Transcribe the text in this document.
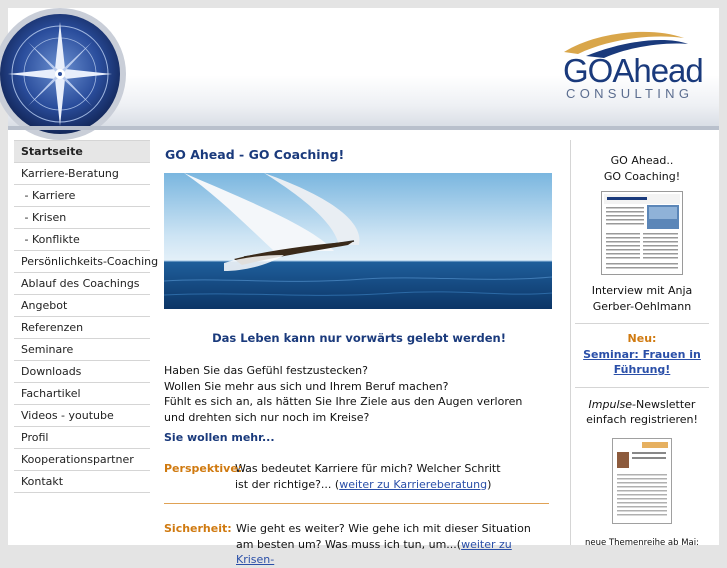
GOAhead
CONSULTING
Startseite
Karriere-Beratung
- Karriere
- Krisen
- Konflikte
Persönlichkeits-Coaching
Ablauf des Coachings
Angebot
Referenzen
Seminare
Downloads
Fachartikel
Videos - youtube
Profil
Kooperationspartner
Kontakt
GO Ahead - GO Coaching!
Das Leben kann nur vorwärts gelebt werden!
Haben Sie das Gefühl festzustecken?
Wollen Sie mehr aus sich und Ihrem Beruf machen?
Fühlt es sich an, als hätten Sie Ihre Ziele aus den Augen verloren
und drehten sich nur noch im Kreise?
Sie wollen mehr...
Perspektive:
Was bedeutet Karriere für mich? Welcher Schritt ist der richtige?... (weiter zu Karriereberatung)
Sicherheit: Wie geht es weiter? Wie gehe ich mit dieser Situation am besten um? Was muss ich tun, um...(weiter zu Krisen-
GO Ahead..
GO Coaching!
Interview mit Anja
Gerber-Oehlmann
Neu:
Seminar: Frauen in
Führung!
Impulse-Newsletter
einfach registrieren!
neue Themenreihe ab Mai:
